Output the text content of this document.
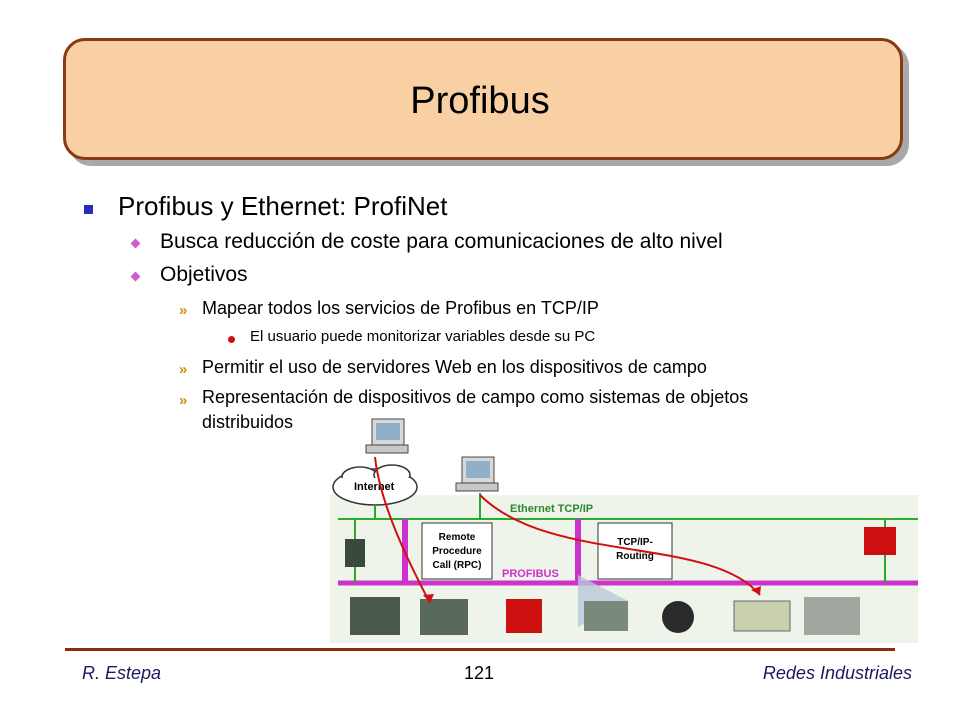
Profibus
Profibus y Ethernet: ProfiNet
Busca reducción de coste para comunicaciones de alto nivel
Objetivos
» Mapear todos los servicios de Profibus en TCP/IP
El usuario puede monitorizar variables desde su PC
» Permitir el uso de servidores Web en los dispositivos de campo
» Representación de dispositivos de campo como sistemas de objetos
distribuidos
Internet
Ethernet TCP/IP
Remote
Procedure
Call (RPC)
TCP/IP-
Routing
PROFIBUS
R. Estepa	121	Redes Industriales
